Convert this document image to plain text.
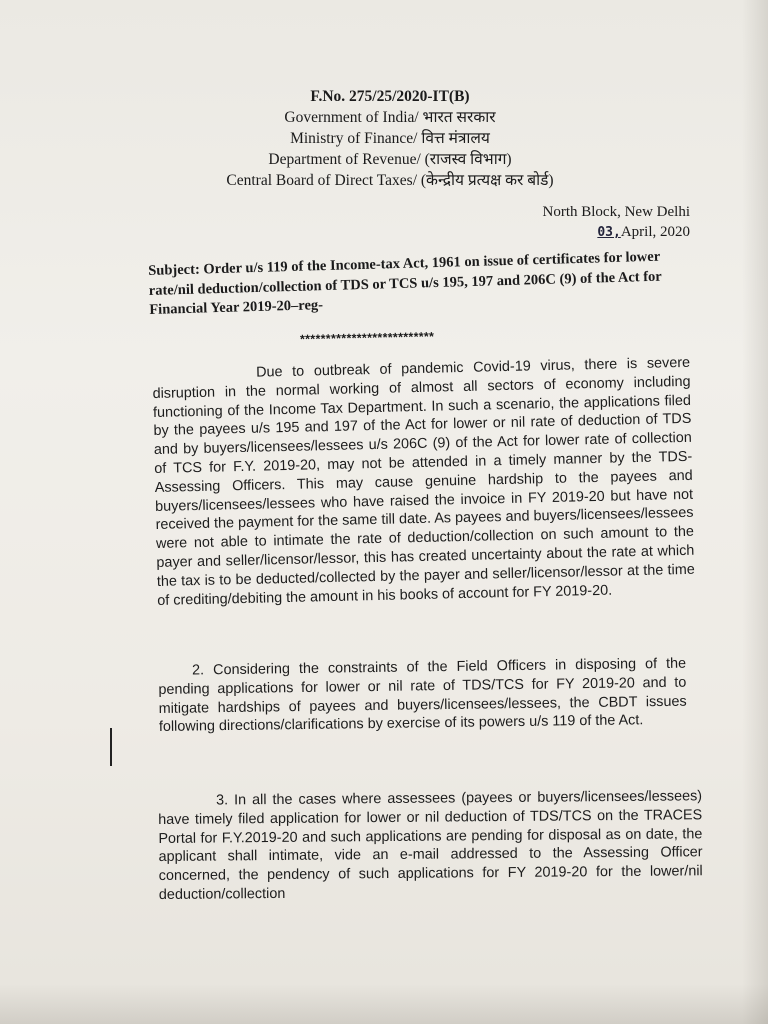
F.No. 275/25/2020-IT(B)
Government of India/ भारत सरकार
Ministry of Finance/ वित्त मंत्रालय
Department of Revenue/ (राजस्व विभाग)
Central Board of Direct Taxes/ (केन्द्रीय प्रत्यक्ष कर बोर्ड)
North Block, New Delhi
03,April, 2020
Subject: Order u/s 119 of the Income-tax Act, 1961 on issue of certificates for lower rate/nil deduction/collection of TDS or TCS u/s 195, 197 and 206C (9) of the Act for Financial Year 2019-20–reg-
**************************
Due to outbreak of pandemic Covid-19 virus, there is severe disruption in the normal working of almost all sectors of economy including functioning of the Income Tax Department. In such a scenario, the applications filed by the payees u/s 195 and 197 of the Act for lower or nil rate of deduction of TDS and by buyers/licensees/lessees u/s 206C (9) of the Act for lower rate of collection of TCS for F.Y. 2019-20, may not be attended in a timely manner by the TDS-Assessing Officers. This may cause genuine hardship to the payees and buyers/licensees/lessees who have raised the invoice in FY 2019-20 but have not received the payment for the same till date. As payees and buyers/licensees/lessees were not able to intimate the rate of deduction/collection on such amount to the payer and seller/licensor/lessor, this has created uncertainty about the rate at which the tax is to be deducted/collected by the payer and seller/licensor/lessor at the time of crediting/debiting the amount in his books of account for FY 2019-20.
2. Considering the constraints of the Field Officers in disposing of the pending applications for lower or nil rate of TDS/TCS for FY 2019-20 and to mitigate hardships of payees and buyers/licensees/lessees, the CBDT issues following directions/clarifications by exercise of its powers u/s 119 of the Act.
3. In all the cases where assessees (payees or buyers/licensees/lessees) have timely filed application for lower or nil deduction of TDS/TCS on the TRACES Portal for F.Y.2019-20 and such applications are pending for disposal as on date, the applicant shall intimate, vide an e-mail addressed to the Assessing Officer concerned, the pendency of such applications for FY 2019-20 for the lower/nil deduction/collection
